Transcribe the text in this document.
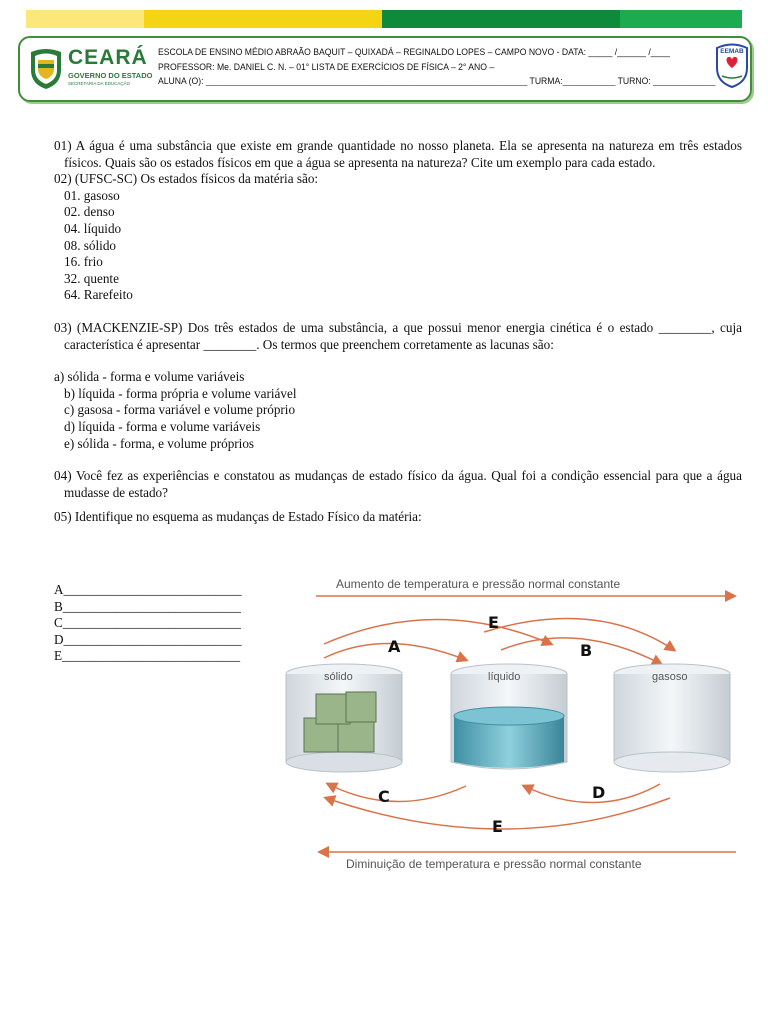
CEARÁ
GOVERNO DO ESTADO
SECRETARIA DA EDUCAÇÃO
ESCOLA DE ENSINO MÉDIO ABRAÃO BAQUIT – QUIXADÁ – REGINALDO LOPES – CAMPO NOVO - DATA: _____ /______ /____
PROFESSOR: Me. DANIEL C. N. – 01° LISTA DE EXERCÍCIOS DE FÍSICA – 2° ANO –
ALUNA (O): ___________________________________________________________________ TURMA:___________ TURNO: _____________
EEMAB

01) A água é uma substância que existe em grande quantidade no nosso planeta. Ela se apresenta na natureza em três estados físicos. Quais são os estados físicos em que a água se apresenta na natureza? Cite um exemplo para cada estado.

02) (UFSC-SC) Os estados físicos da matéria são:

01. gasoso

02. denso

04. líquido

08. sólido

16. frio

32. quente

64. Rarefeito

03) (MACKENZIE-SP) Dos três estados de uma substância, a que possui menor energia cinética é o estado ________, cuja característica é apresentar ________. Os termos que preenchem corretamente as lacunas são:

a) sólida - forma e volume variáveis

b) líquida - forma própria e volume variável

c) gasosa - forma variável e volume próprio

d) líquida - forma e volume variáveis

e) sólida - forma, e volume próprios

04) Você fez as experiências e constatou as mudanças de estado físico da água. Qual foi a condição essencial para que a água mudasse de estado?

05) Identifique no esquema as mudanças de Estado Físico da matéria:

A___________________________

B___________________________

C___________________________

D___________________________

E___________________________

Aumento de temperatura e pressão normal constante
A
E
B
sólido	líquido	gasoso
C	D
E
Diminuição de temperatura e pressão normal constante
